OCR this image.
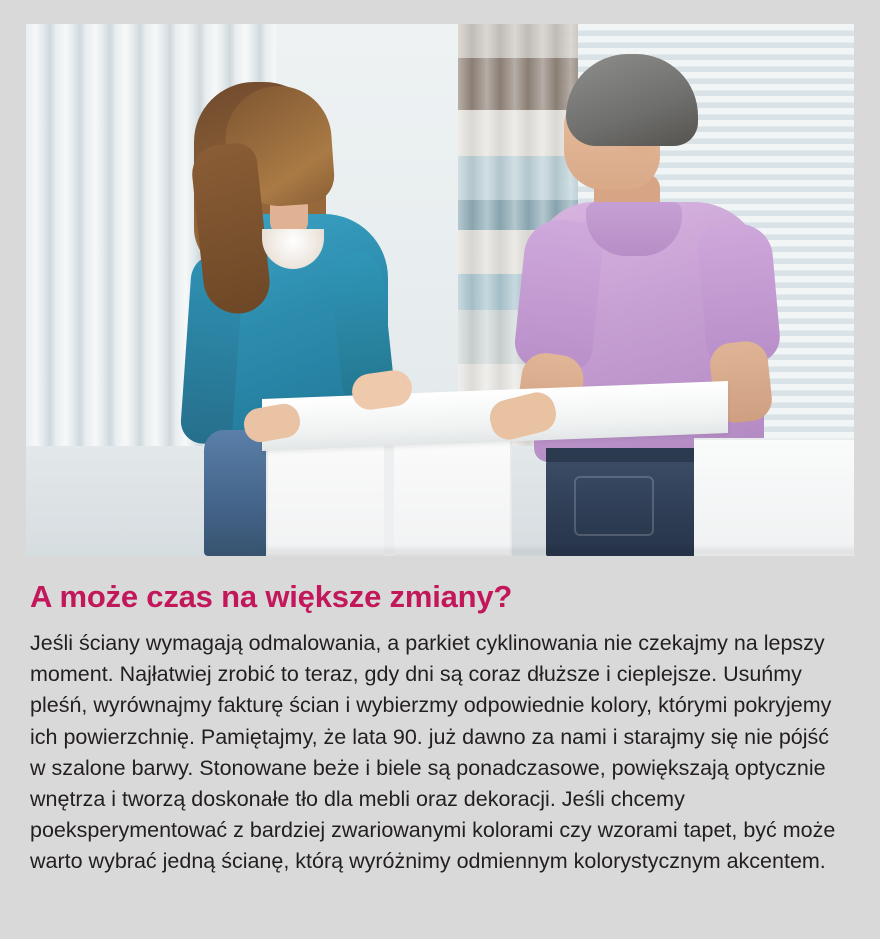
A może czas na większe zmiany?

Jeśli ściany wymagają odmalowania, a parkiet cyklinowania nie czekajmy na lepszy moment. Najłatwiej zrobić to teraz, gdy dni są coraz dłuższe i cieplejsze. Usuńmy pleśń, wyrównajmy fakturę ścian i wybierzmy odpowiednie kolory, którymi pokryjemy ich powierzchnię. Pamiętajmy, że lata 90. już dawno za nami i starajmy się nie pójść w szalone barwy. Stonowane beże i biele są ponadczasowe, powiększają optycznie wnętrza i tworzą doskonałe tło dla mebli oraz dekoracji. Jeśli chcemy poeksperymentować z bardziej zwariowanymi kolorami czy wzorami tapet, być może warto wybrać jedną ścianę, którą wyróżnimy odmiennym kolorystycznym akcentem.
